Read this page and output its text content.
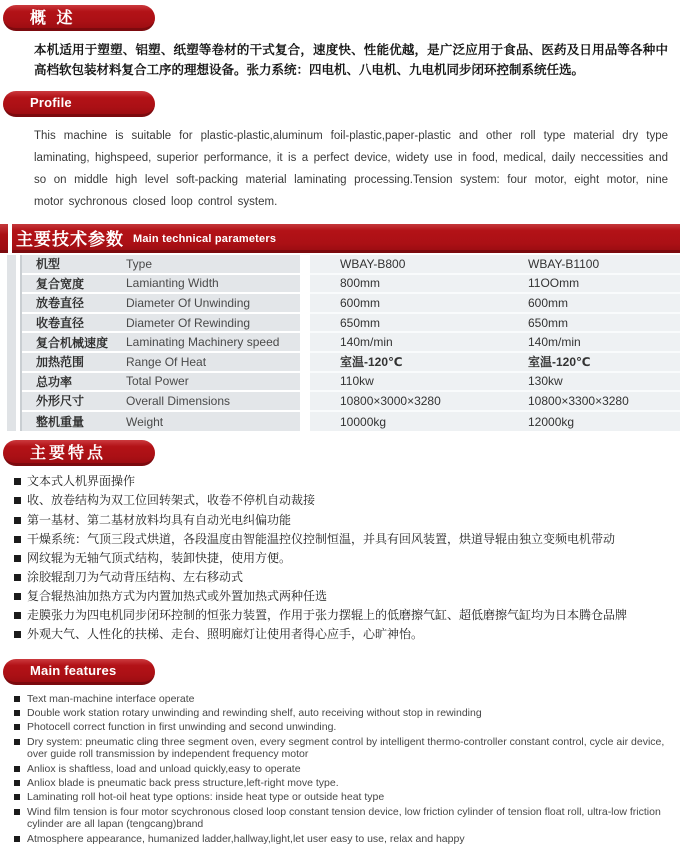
概 述

本机适用于塑塑、铝塑、纸塑等卷材的干式复合，速度快、性能优越，是广泛应用于食品、医药及日用品等各种中高档软包装材料复合工序的理想设备。张力系统：四电机、八电机、九电机同步闭环控制系统任选。

Profile

This machine is suitable for plastic-plastic,aluminum foil-plastic,paper-plastic and other roll type material dry type laminating, highspeed, superior performance, it is a perfect device, widety use in food, medical, daily neccessities and so on middle high level soft-packing material laminating processing.Tension system: four motor, eight motor, nine motor sychronous closed loop control system.

主要技术参数 Main technical parameters
机型	Type	WBAY-B800	WBAY-B1100
复合宽度	Lamianting Width	800mm	11OOmm
放卷直径	Diameter Of Unwinding	600mm	600mm
收卷直径	Diameter Of Rewinding	650mm	650mm
复合机械速度	Laminating Machinery speed	140m/min	140m/min
加热范围	Range Of Heat	室温-120℃	室温-120℃
总功率	Total Power	110kw	130kw
外形尺寸	Overall Dimensions	10800×3000×3280	10800×3300×3280
整机重量	Weight	10000kg	12000kg
主要特点
文本式人机界面操作
收、放卷结构为双工位回转架式，收卷不停机自动裁接
第一基材、第二基材放料均具有自动光电纠偏功能
干燥系统：气顶三段式烘道，各段温度由智能温控仪控制恒温，并具有回风装置，烘道导辊由独立变频电机带动
网纹辊为无轴气顶式结构，装卸快捷，使用方便。
涂胶辊刮刀为气动背压结构、左右移动式
复合辊热油加热方式为内置加热式或外置加热式两种任选
走膜张力为四电机同步闭环控制的恒张力装置，作用于张力摆辊上的低磨擦气缸、超低磨擦气缸均为日本腾仓品牌
外观大气、人性化的扶梯、走台、照明廊灯让使用者得心应手，心旷神怡。
Main features
Text man-machine interface operate
Double work station rotary unwinding and rewinding shelf, auto receiving without stop in rewinding
Photocell correct function in first unwinding and second unwinding.
Dry system: pneumatic cling three segment oven, every segment control by intelligent thermo-controller constant control, cycle air device, over guide roll transmission by independent frequency motor
Anliox is shaftless, load and unload quickly,easy to operate
Anliox blade is pneumatic back press structure,left-right move type.
Laminating roll hot-oil heat type options: inside heat type or outside heat type
Wind film tension is four motor scychronous closed loop constant tension device, low friction cylinder of tension float roll, ultra-low friction cylinder are all lapan (tengcang)brand
Atmosphere appearance, humanized ladder,hallway,light,let user easy to use, relax and happy
